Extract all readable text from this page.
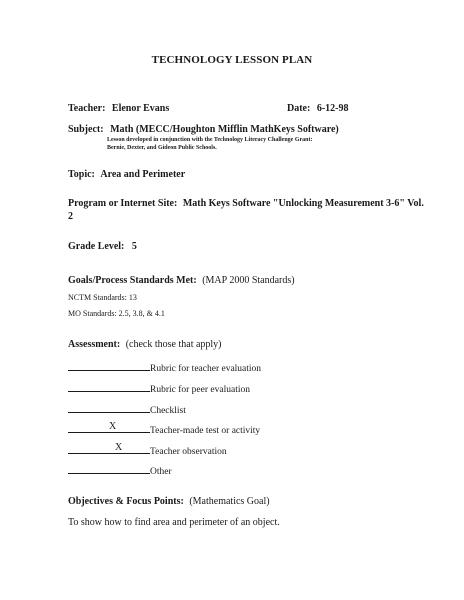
TECHNOLOGY LESSON PLAN
Teacher: Elenor Evans	Date: 6-12-98
Subject: Math (MECC/Houghton Mifflin MathKeys Software)
Lesson developed in conjunction with the Technology Literacy Challenge Grant:
Bernie, Dexter, and Gideon Public Schools.
Topic: Area and Perimeter
Program or Internet Site: Math Keys Software "Unlocking Measurement 3-6" Vol.
2
Grade Level: 5
Goals/Process Standards Met: (MAP 2000 Standards)
NCTM Standards: 13
MO Standards: 2.5, 3.8, & 4.1
Assessment: (check those that apply)
Rubric for teacher evaluation
Rubric for peer evaluation
Checklist
X	Teacher-made test or activity
X	Teacher observation
Other
Objectives & Focus Points: (Mathematics Goal)
To show how to find area and perimeter of an object.
